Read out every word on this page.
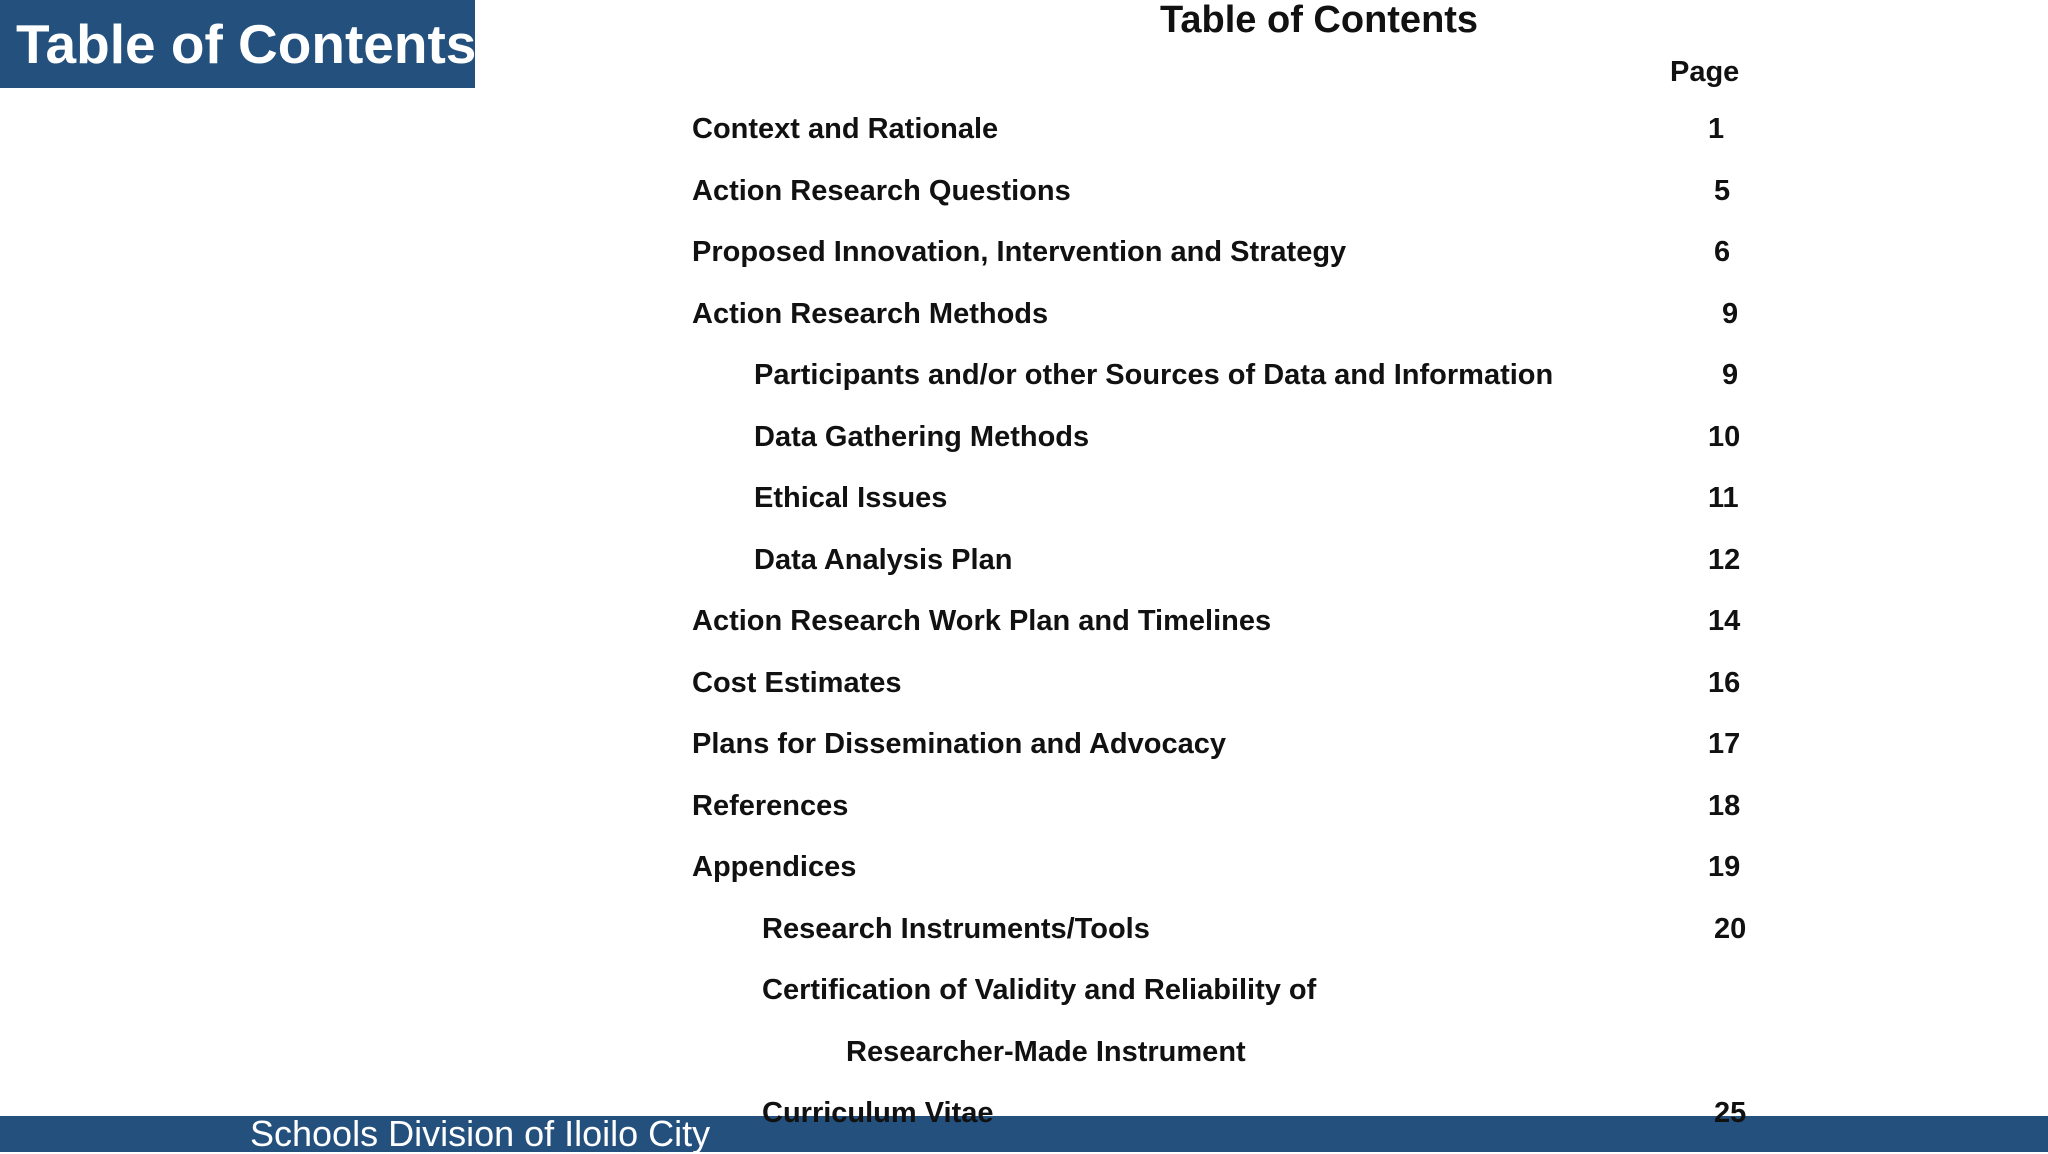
Table of Contents	Table of Contents
Page
Context and Rationale	1
Action Research Questions	5
Proposed Innovation, Intervention and Strategy	6
Action Research Methods	9
Participants and/or other Sources of Data and Information	9
Data Gathering Methods	10
Ethical Issues	11
Data Analysis Plan	12
Action Research Work Plan and Timelines	14
Cost Estimates	16
Plans for Dissemination and Advocacy	17
References	18
Appendices	19
Research Instruments/Tools	20
Certification of Validity and Reliability of
Researcher-Made Instrument
Schools Division of Iloilo City Curriculum Vitae	25
